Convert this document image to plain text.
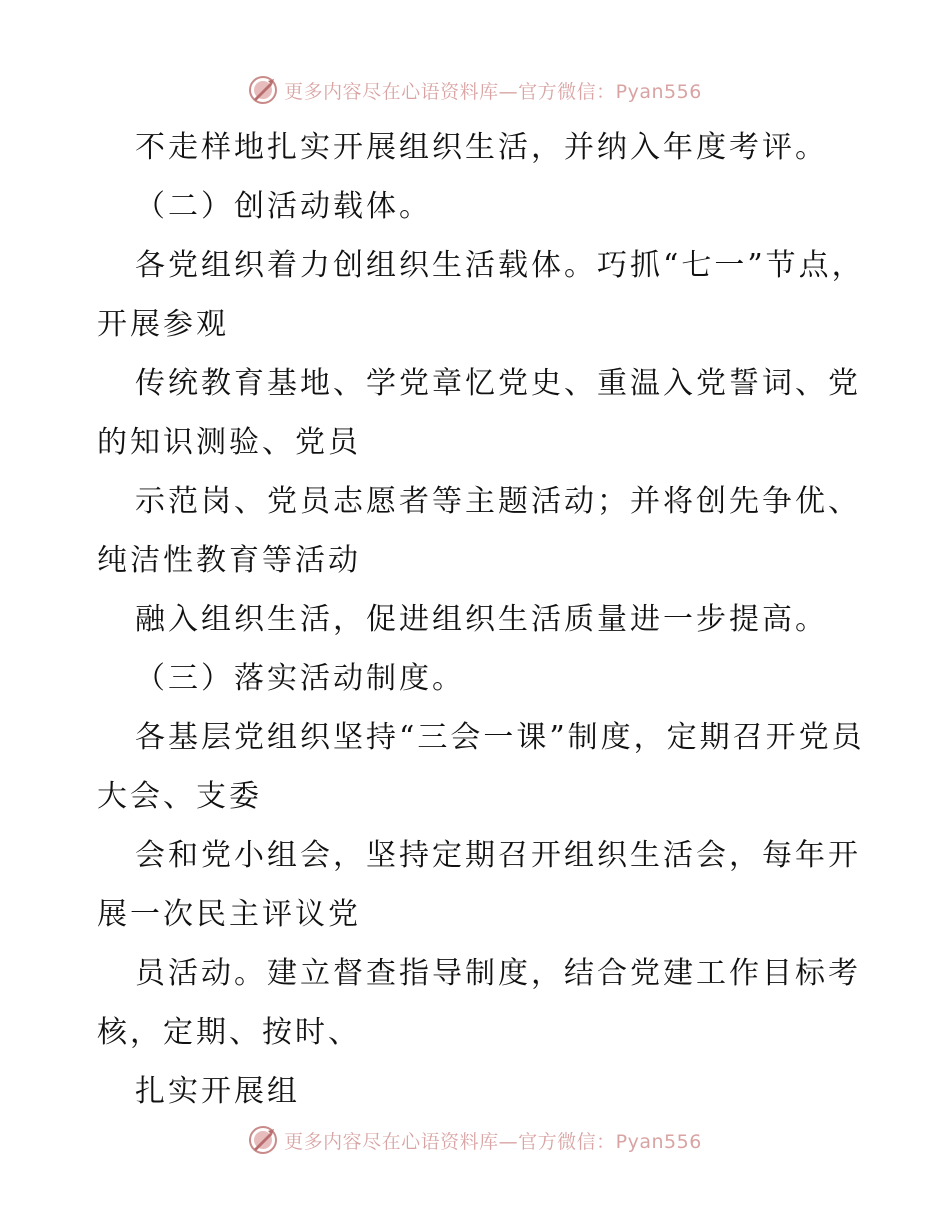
更多内容尽在心语资料库—官方微信：Pyan556

不走样地扎实开展组织生活，并纳入年度考评。

（二）创活动载体。

各党组织着力创组织生活载体。巧抓“七一”节点，开展参观

传统教育基地、学党章忆党史、重温入党誓词、党的知识测验、党员

示范岗、党员志愿者等主题活动；并将创先争优、纯洁性教育等活动

融入组织生活，促进组织生活质量进一步提高。

（三）落实活动制度。

各基层党组织坚持“三会一课”制度，定期召开党员大会、支委

会和党小组会，坚持定期召开组织生活会，每年开展一次民主评议党

员活动。建立督查指导制度，结合党建工作目标考核，定期、按时、

扎实开展组

更多内容尽在心语资料库—官方微信：Pyan556
